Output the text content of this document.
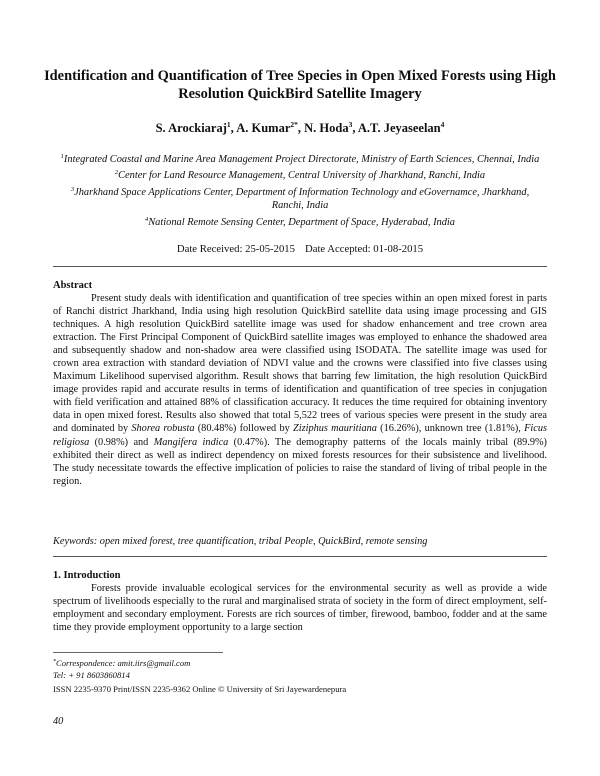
Identification and Quantification of Tree Species in Open Mixed Forests using High Resolution QuickBird Satellite Imagery
S. Arockiaraj$^1$, A. Kumar$^{2*}$, N. Hoda$^3$, A.T. Jeyaseelan$^4$
$^1$Integrated Coastal and Marine Area Management Project Directorate, Ministry of Earth Sciences, Chennai, India
$^2$Center for Land Resource Management, Central University of Jharkhand, Ranchi, India
$^3$Jharkhand Space Applications Center, Department of Information Technology and eGovernamce, Jharkhand, Ranchi, India
$^4$National Remote Sensing Center, Department of Space, Hyderabad, India
Date Received: 25-05-2015 Date Accepted: 01-08-2015
Abstract

Present study deals with identification and quantification of tree species within an open mixed forest in parts of Ranchi district Jharkhand, India using high resolution QuickBird satellite data using image processing and GIS techniques. A high resolution QuickBird satellite image was used for shadow enhancement and tree crown area extraction. The First Principal Component of QuickBird satellite images was employed to enhance the shadowed area and subsequently shadow and non-shadow area were classified using ISODATA. The satellite image was used for crown area extraction with standard deviation of NDVI value and the crowns were classified into five classes using Maximum Likelihood supervised algorithm. Result shows that barring few limitation, the high resolution QuickBird image provides rapid and accurate results in terms of identification and quantification of tree species in conjugation with field verification and attained 88% of classification accuracy. It reduces the time required for obtaining inventory data in open mixed forest. Results also showed that total 5,522 trees of various species were present in the study area and dominated by Shorea robusta (80.48%) followed by Ziziphus mauritiana (16.26%), unknown tree (1.81%), Ficus religiosa (0.98%) and Mangifera indica (0.47%). The demography patterns of the locals mainly tribal (89.9%) exhibited their direct as well as indirect dependency on mixed forests resources for their subsistence and livelihood. The study necessitate towards the effective implication of policies to raise the standard of living of tribal people in the region.

Keywords: open mixed forest, tree quantification, tribal People, QuickBird, remote sensing
1. Introduction

Forests provide invaluable ecological services for the environmental security as well as provide a wide spectrum of livelihoods especially to the rural and marginalised strata of society in the form of direct employment, self-employment and secondary employment. Forests are rich sources of timber, firewood, bamboo, fodder and at the same time they provide employment opportunity to a large section

*Correspondence: amit.iirs@gmail.com
Tel: + 91 8603860814
ISSN 2235-9370 Print/ISSN 2235-9362 Online © University of Sri Jayewardenepura
40
